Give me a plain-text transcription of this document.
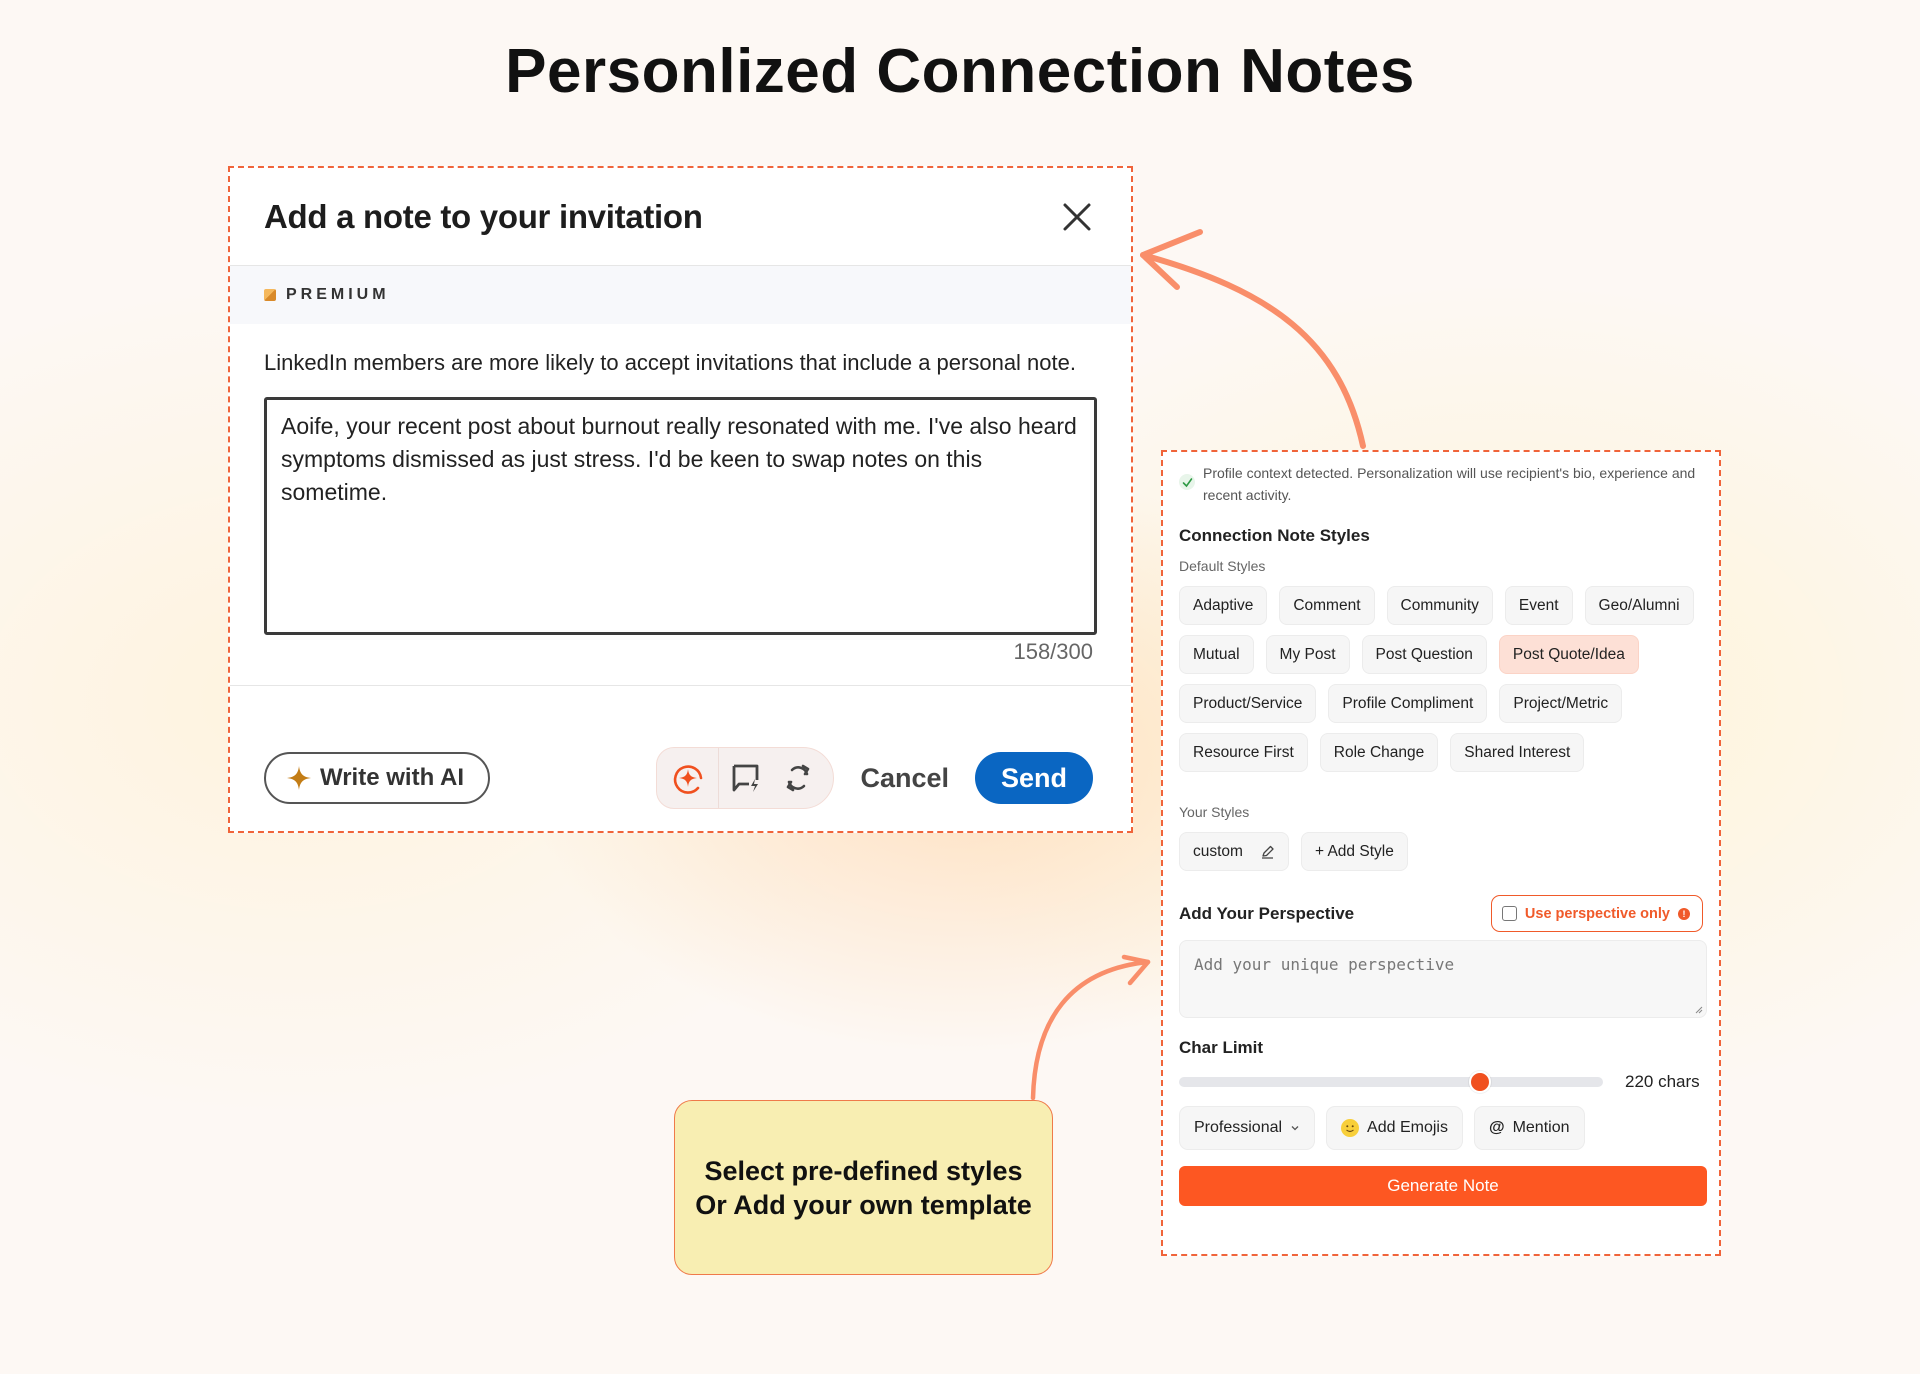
Personlized Connection Notes
Add a note to your invitation
PREMIUM
LinkedIn members are more likely to accept invitations that include a personal note.
Aoife, your recent post about burnout really resonated with me. I've also heard symptoms dismissed as just stress. I'd be keen to swap notes on this sometime.
158/300
Write with AI	Cancel	Send
Profile context detected. Personalization will use recipient's bio, experience and recent activity.
Connection Note Styles
Default Styles
Adaptive	Comment	Community	Event	Geo/Alumni
Mutual	My Post	Post Question	Post Quote/Idea
Product/Service	Profile Compliment	Project/Metric
Resource First	Role Change	Shared Interest
Your Styles
custom	+ Add Style
Add Your Perspective	Use perspective only	!
Add your unique perspective
Char Limit
220 chars
Professional	Add Emojis	@ Mention
Generate Note
Select pre-defined styles
Or Add your own template
